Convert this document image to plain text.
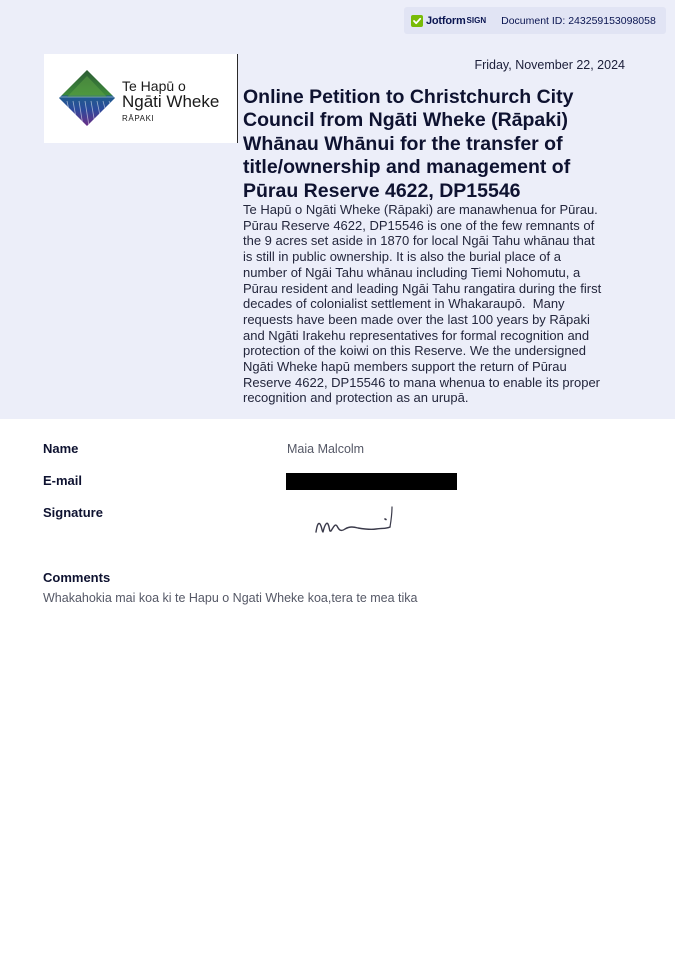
Jotform SIGN Document ID: 243259153098058
Te Hapū o
Ngāti Wheke
RĀPAKI
Friday, November 22, 2024
Online Petition to Christchurch City
Council from Ngāti Wheke (Rāpaki)
Whānau Whānui for the transfer of
title/ownership and management of
Pūrau Reserve 4622, DP15546
Te Hapū o Ngāti Wheke (Rāpaki) are manawhenua for Pūrau.
Pūrau Reserve 4622, DP15546 is one of the few remnants of
the 9 acres set aside in 1870 for local Ngāi Tahu whānau that
is still in public ownership. It is also the burial place of a
number of Ngāi Tahu whānau including Tiemi Nohomutu, a
Pūrau resident and leading Ngāi Tahu rangatira during the first
decades of colonialist settlement in Whakaraupō.  Many
requests have been made over the last 100 years by Rāpaki
and Ngāti Irakehu representatives for formal recognition and
protection of the koiwi on this Reserve. We the undersigned
Ngāti Wheke hapū members support the return of Pūrau
Reserve 4622, DP15546 to mana whenua to enable its proper
recognition and protection as an urupā.
Name	Maia Malcolm
E-mail
Signature
Comments
Whakahokia mai koa ki te Hapu o Ngati Wheke koa,tera te mea tika
